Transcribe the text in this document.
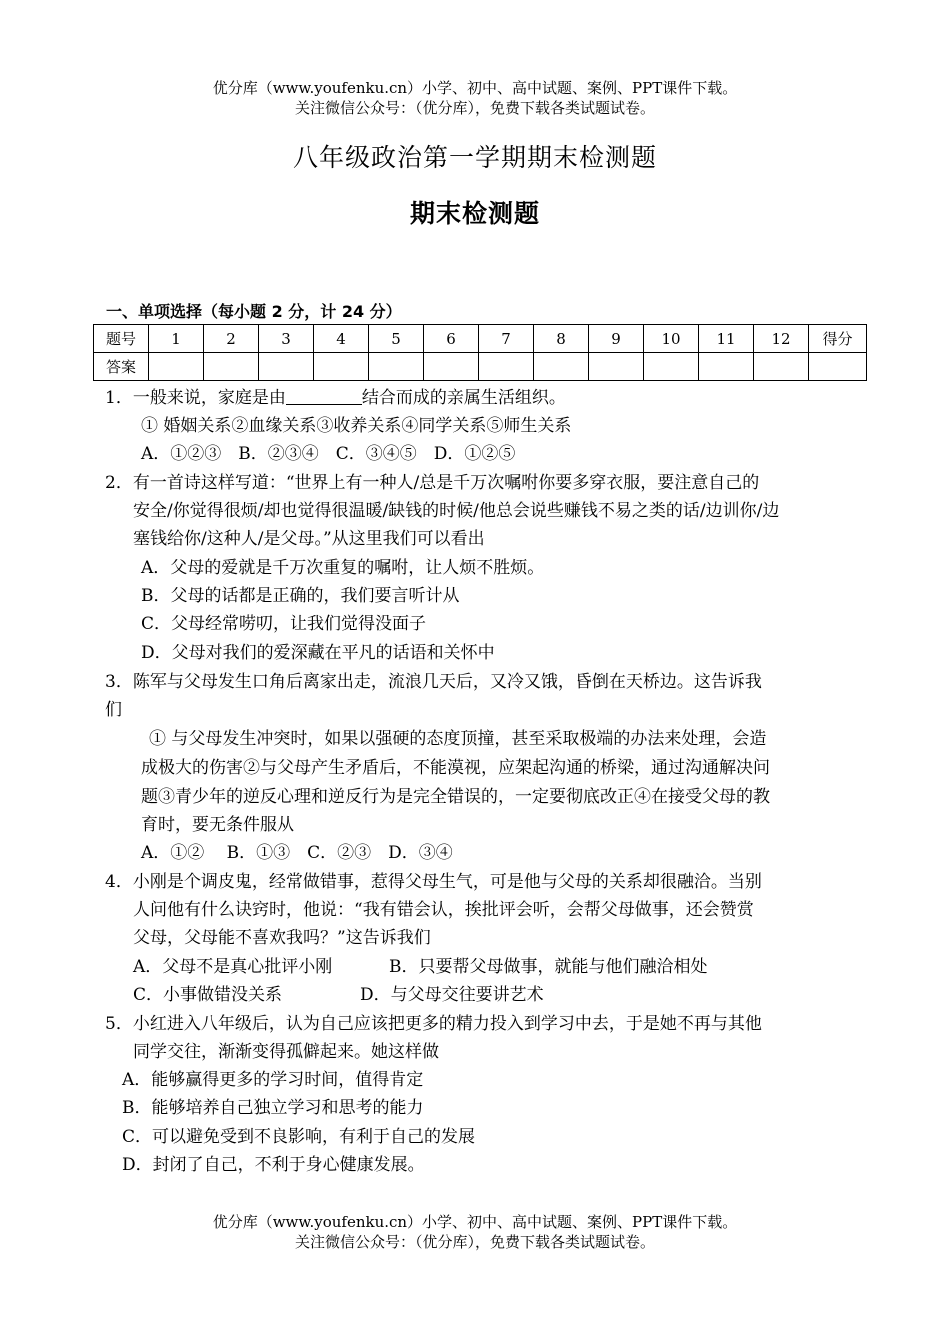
优分库（www.youfenku.cn）小学、初中、高中试题、案例、PPT课件下载。
关注微信公众号：（优分库），免费下载各类试题试卷。
八年级政治第一学期期末检测题
期末检测题
一、单项选择（每小题 2 分，计 24 分）
题号	1	2	3	4	5	6	7	8	9	10	11	12	得分
答案													
1．一般来说，家庭是由	结合而成的亲属生活组织。
① 婚姻关系②血缘关系③收养关系④同学关系⑤师生关系
A．①②③　B．②③④　C．③④⑤　D．①②⑤
2．有一首诗这样写道：“世界上有一种人/总是千万次嘱咐你要多穿衣服，要注意自己的
安全/你觉得很烦/却也觉得很温暖/缺钱的时候/他总会说些赚钱不易之类的话/边训你/边
塞钱给你/这种人/是父母。”从这里我们可以看出
A．父母的爱就是千万次重复的嘱咐，让人烦不胜烦。
B．父母的话都是正确的，我们要言听计从
C．父母经常唠叨，让我们觉得没面子
D．父母对我们的爱深藏在平凡的话语和关怀中
3．陈军与父母发生口角后离家出走，流浪几天后，又冷又饿，昏倒在天桥边。这告诉我
们
① 与父母发生冲突时，如果以强硬的态度顶撞，甚至采取极端的办法来处理，会造
成极大的伤害②与父母产生矛盾后，不能漠视，应架起沟通的桥梁，通过沟通解决问
题③青少年的逆反心理和逆反行为是完全错误的，一定要彻底改正④在接受父母的教
育时，要无条件服从
A．①②　 B．①③　C．②③　D．③④
4．小刚是个调皮鬼，经常做错事，惹得父母生气，可是他与父母的关系却很融洽。当别
人问他有什么诀窍时，他说：“我有错会认，挨批评会听，会帮父母做事，还会赞赏
父母，父母能不喜欢我吗？”这告诉我们
A．父母不是真心批评小刚	B．只要帮父母做事，就能与他们融洽相处
C．小事做错没关系	D．与父母交往要讲艺术
5．小红进入八年级后，认为自己应该把更多的精力投入到学习中去，于是她不再与其他
同学交往，渐渐变得孤僻起来。她这样做
A．能够赢得更多的学习时间，值得肯定
B．能够培养自己独立学习和思考的能力
C．可以避免受到不良影响，有利于自己的发展
D．封闭了自己，不利于身心健康发展。
优分库（www.youfenku.cn）小学、初中、高中试题、案例、PPT课件下载。
关注微信公众号：（优分库），免费下载各类试题试卷。
